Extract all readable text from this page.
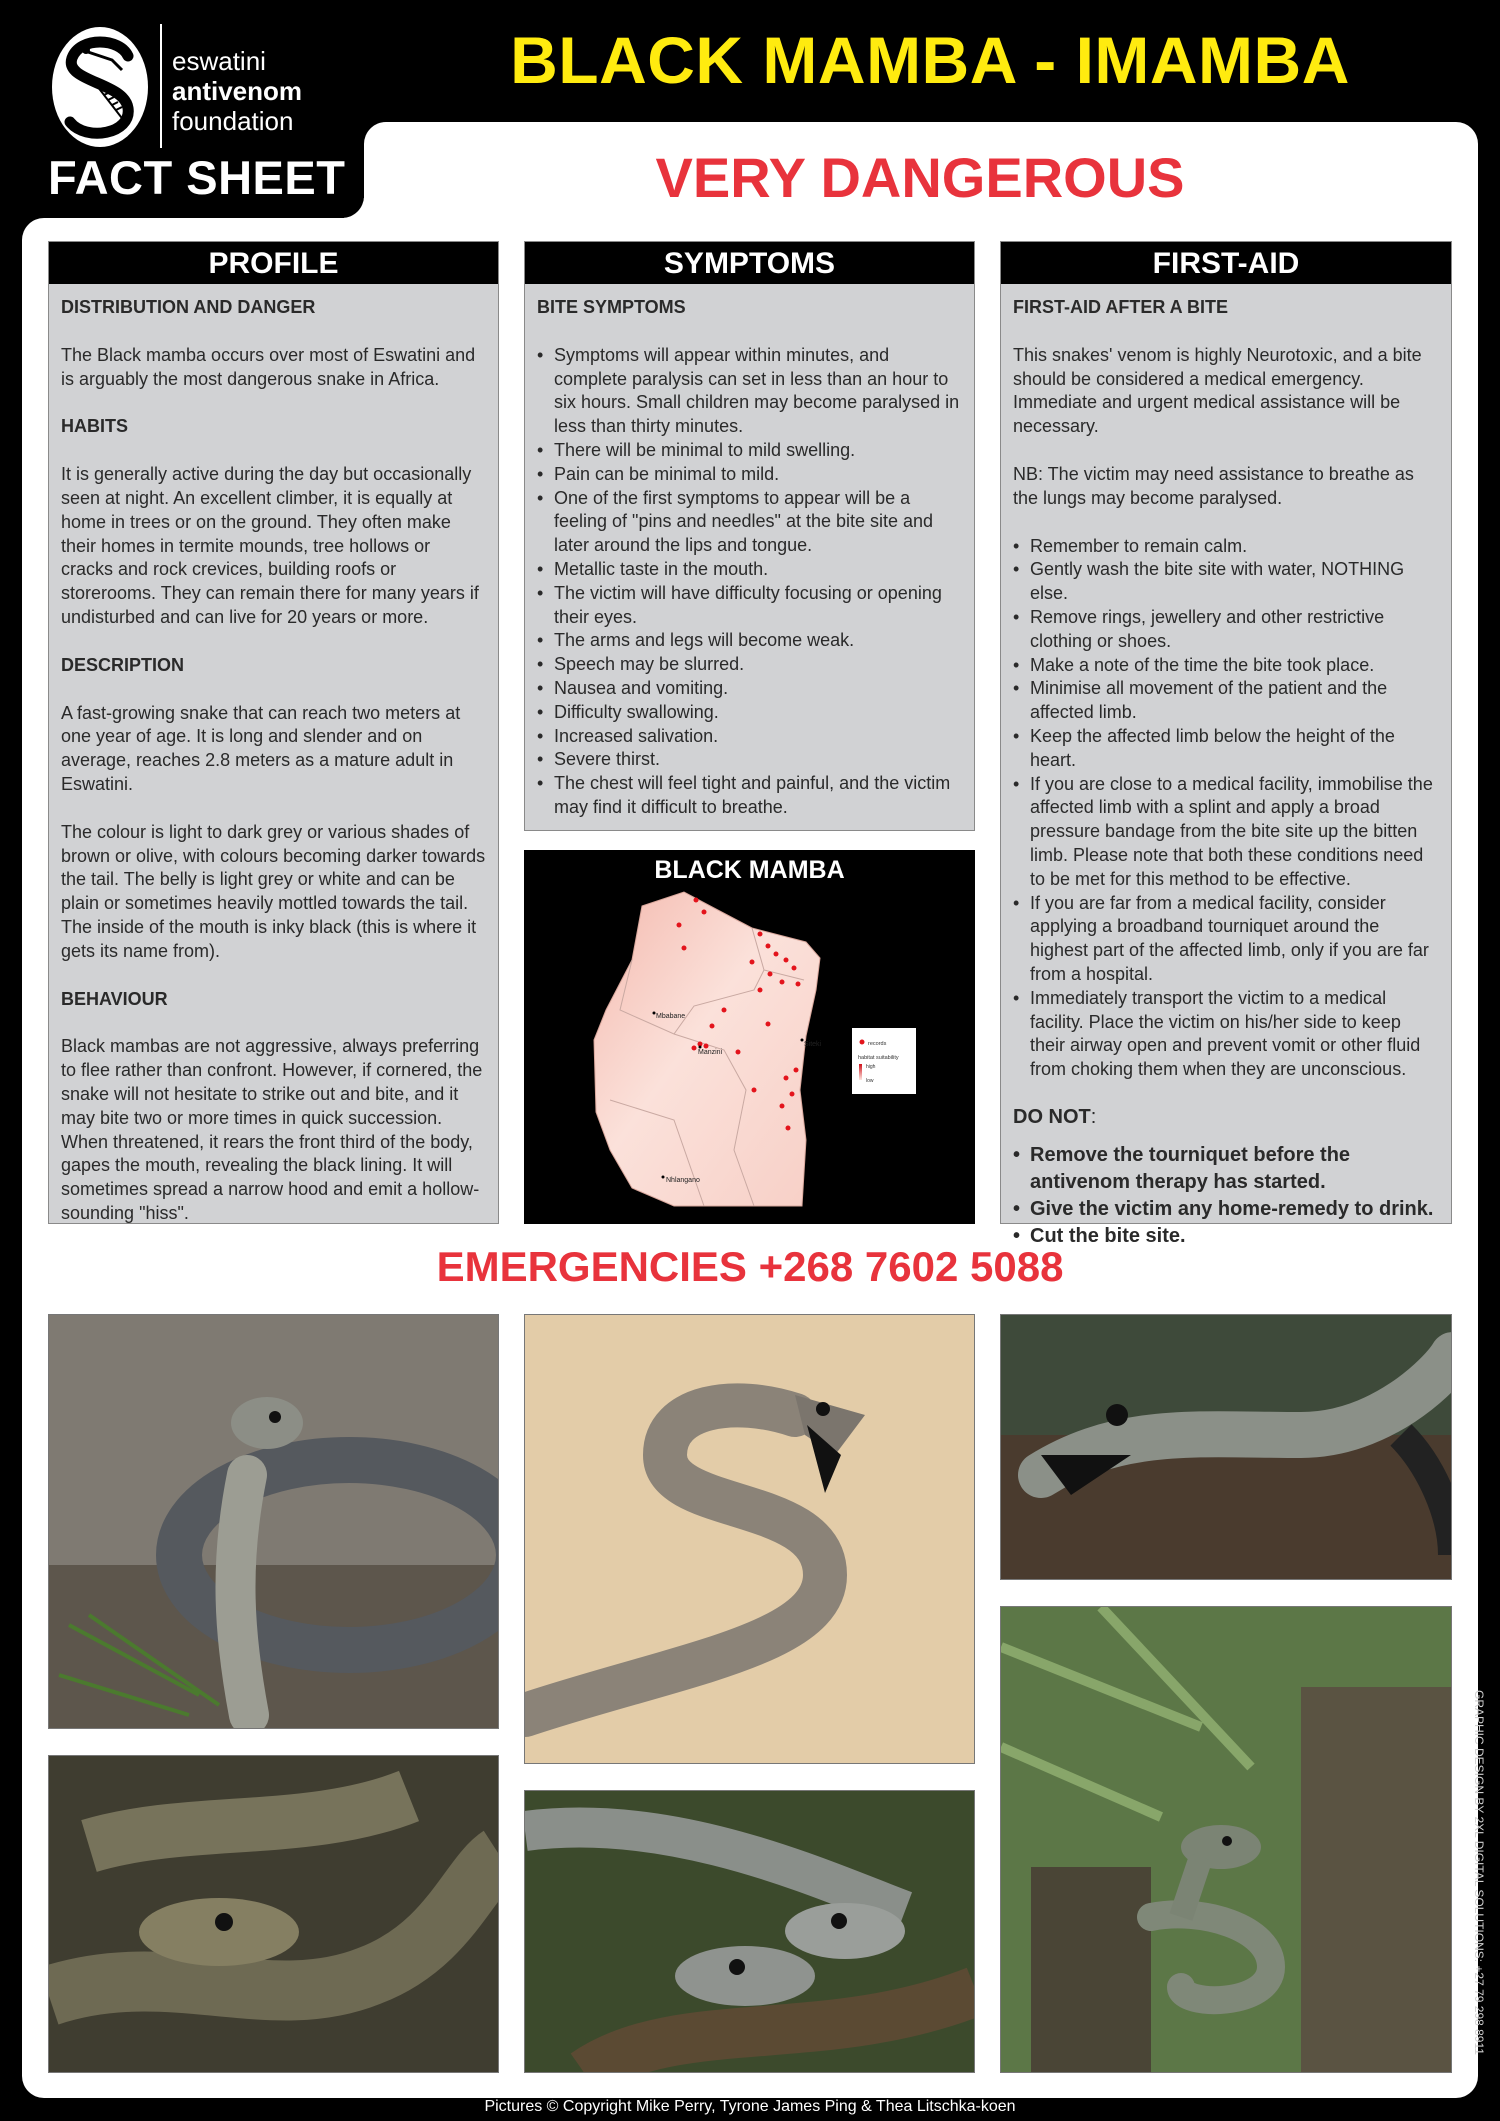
eswatini
antivenom
foundation
BLACK MAMBA - IMAMBA
FACT SHEET	VERY DANGEROUS
PROFILE
DISTRIBUTION AND DANGER

The Black mamba occurs over most of Eswatini and is arguably the most dangerous snake in Africa.

HABITS

It is generally active during the day but occasionally seen at night. An excellent climber, it is equally at home in trees or on the ground. They often make their homes in termite mounds, tree hollows or cracks and rock crevices, building roofs or storerooms. They can remain there for many years if undisturbed and can live for 20 years or more.

DESCRIPTION

A fast-growing snake that can reach two meters at one year of age. It is long and slender and on average, reaches 2.8 meters as a mature adult in Eswatini.

The colour is light to dark grey or various shades of brown or olive, with colours becoming darker towards the tail. The belly is light grey or white and can be plain or sometimes heavily mottled towards the tail. The inside of the mouth is inky black (this is where it gets its name from).

BEHAVIOUR

Black mambas are not aggressive, always preferring to flee rather than confront. However, if cornered, the snake will not hesitate to strike out and bite, and it may bite two or more times in quick succession. When threatened, it rears the front third of the body, gapes the mouth, revealing the black lining. It will sometimes spread a narrow hood and emit a hollow-sounding "hiss".

SYMPTOMS
BITE SYMPTOMS
• Symptoms will appear within minutes, and complete paralysis can set in less than an hour to six hours. Small children may become paralysed in less than thirty minutes.
• There will be minimal to mild swelling.
• Pain can be minimal to mild.
• One of the first symptoms to appear will be a feeling of "pins and needles" at the bite site and later around the lips and tongue.
• Metallic taste in the mouth.
• The victim will have difficulty focusing or opening their eyes.
• The arms and legs will become weak.
• Speech may be slurred.
• Nausea and vomiting.
• Difficulty swallowing.
• Increased salivation.
• Severe thirst.
• The chest will feel tight and painful, and the victim may find it difficult to breathe.
Mbabane
Manzini
Siteki
Nhlangano
records
habitat suitability
high
low
BLACK MAMBA
FIRST-AID
FIRST-AID AFTER A BITE

This snakes' venom is highly Neurotoxic, and a bite should be considered a medical emergency. Immediate and urgent medical assistance will be necessary.

NB: The victim may need assistance to breathe as the lungs may become paralysed.

• Remember to remain calm.
• Gently wash the bite site with water, NOTHING else.
• Remove rings, jewellery and other restrictive clothing or shoes.
• Make a note of the time the bite took place.
• Minimise all movement of the patient and the affected limb.
• Keep the affected limb below the height of the heart.
• If you are close to a medical facility, immobilise the affected limb with a splint and apply a broad pressure bandage from the bite site up the bitten limb. Please note that both these conditions need to be met for this method to be effective.
• If you are far from a medical facility, consider applying a broadband tourniquet around the highest part of the affected limb, only if you are far from a hospital.
• Immediately transport the victim to a medical facility. Place the victim on his/her side to keep their airway open and prevent vomit or other fluid from choking them when they are unconscious.
DO NOT:
• Remove the tourniquet before the antivenom therapy has started.
• Give the victim any home-remedy to drink.
• Cut the bite site.
EMERGENCIES +268 7602 5088
GRAPHIC DESIGN BY 2XL DIGITAL SOLUTIONS: +27 79 298 8911
Pictures © Copyright Mike Perry, Tyrone James Ping & Thea Litschka-koen
